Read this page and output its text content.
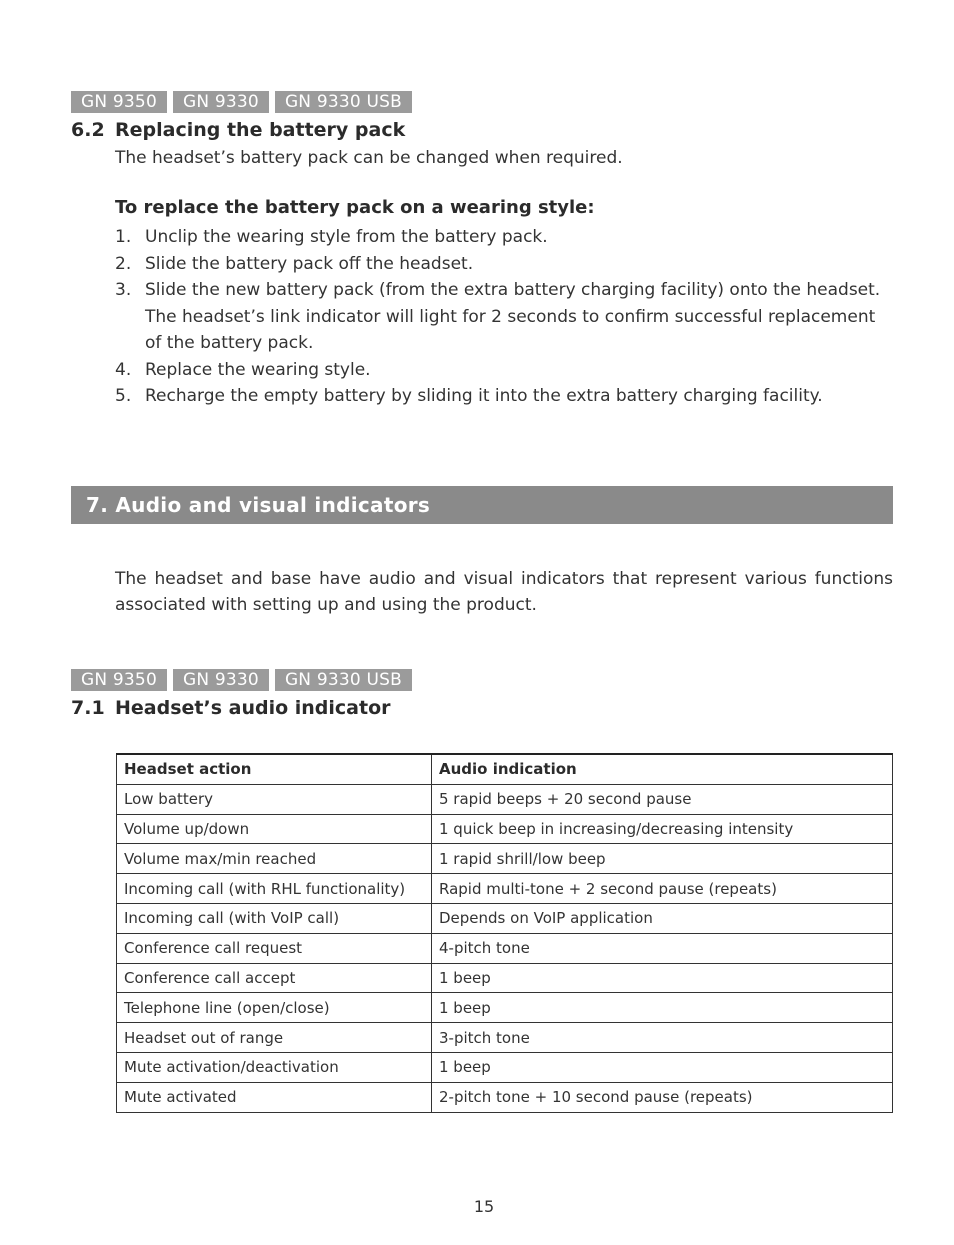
GN 9350	GN 9330	GN 9330 USB
6.2 Replacing the battery pack
The headset’s battery pack can be changed when required.
To replace the battery pack on a wearing style:
1. Unclip the wearing style from the battery pack.
2. Slide the battery pack off the headset.
3. Slide the new battery pack (from the extra battery charging facility) onto the headset. The headset’s link indicator will light for 2 seconds to confirm successful replacement of the battery pack.
4. Replace the wearing style.
5. Recharge the empty battery by sliding it into the extra battery charging facility.
7. Audio and visual indicators
The headset and base have audio and visual indicators that represent various functions associated with setting up and using the product.
GN 9350	GN 9330	GN 9330 USB
7.1 Headset’s audio indicator
Headset action	Audio indication
Low battery	5 rapid beeps + 20 second pause
Volume up/down	1 quick beep in increasing/decreasing intensity
Volume max/min reached	1 rapid shrill/low beep
Incoming call (with RHL functionality)	Rapid multi-tone + 2 second pause (repeats)
Incoming call (with VoIP call)	Depends on VoIP application
Conference call request	4-pitch tone
Conference call accept	1 beep
Telephone line (open/close)	1 beep
Headset out of range	3-pitch tone
Mute activation/deactivation	1 beep
Mute activated	2-pitch tone + 10 second pause (repeats)
15
